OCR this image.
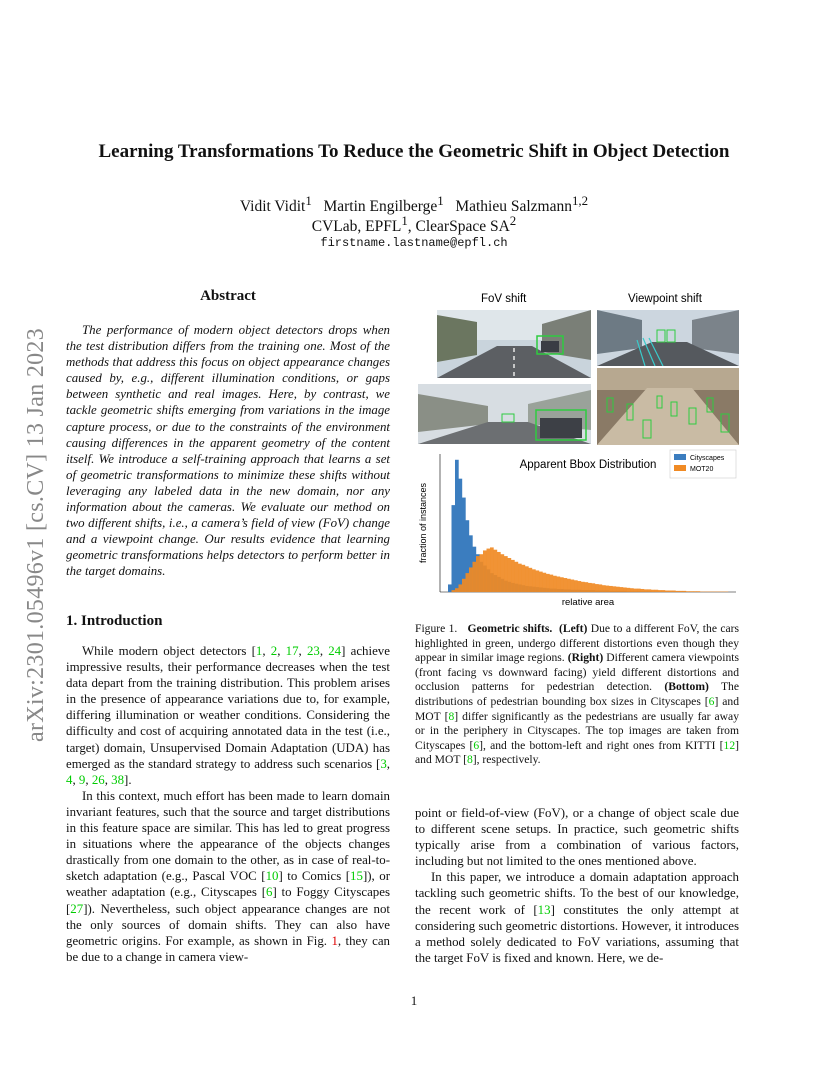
arXiv:2301.05496v1 [cs.CV] 13 Jan 2023
Learning Transformations To Reduce the Geometric Shift in Object Detection
Vidit Vidit$^1$ Martin Engilberge$^1$ Mathieu Salzmann$^{1,2}$
CVLab, EPFL$^1$, ClearSpace $SA^2$
firstname.lastname@epfl.ch
Abstract

The performance of modern object detectors drops when the test distribution differs from the training one. Most of the methods that address this focus on object appearance changes caused by, e.g., different illumination conditions, or gaps between synthetic and real images. Here, by contrast, we tackle geometric shifts emerging from variations in the image capture process, or due to the constraints of the environment causing differences in the apparent geometry of the content itself. We introduce a self-training approach that learns a set of geometric transformations to minimize these shifts without leveraging any labeled data in the new domain, nor any information about the cameras. We evaluate our method on two different shifts, i.e., a camera’s field of view (FoV) change and a viewpoint change. Our results evidence that learning geometric transformations helps detectors to perform better in the target domains.

1. Introduction

While modern object detectors [1, 2, 17, 23, 24] achieve impressive results, their performance decreases when the test data depart from the training distribution. This problem arises in the presence of appearance variations due to, for example, differing illumination or weather conditions. Considering the difficulty and cost of acquiring annotated data in the test (i.e., target) domain, Unsupervised Domain Adaptation (UDA) has emerged as the standard strategy to address such scenarios [3, 4, 9, 26, 38].

In this context, much effort has been made to learn domain invariant features, such that the source and target distributions in this feature space are similar. This has led to great progress in situations where the appearance of the objects changes drastically from one domain to the other, as in case of real-to-sketch adaptation (e.g., Pascal VOC [10] to Comics [15]), or weather adaptation (e.g., Cityscapes [6] to Foggy Cityscapes [27]). Nevertheless, such object appearance changes are not the only sources of domain shifts. They can also have geometric origins. For example, as shown in Fig. 1, they can be due to a change in camera view-

point or field-of-view (FoV), or a change of object scale due to different scene setups. In practice, such geometric shifts typically arise from a combination of various factors, including but not limited to the ones mentioned above.

In this paper, we introduce a domain adaptation approach tackling such geometric shifts. To the best of our knowledge, the recent work of [13] constitutes the only attempt at considering such geometric distortions. However, it introduces a method solely dedicated to FoV variations, assuming that the target FoV is fixed and known. Here, we de-

FoV shift	Viewpoint shift
Apparent Bbox Distribution
relative area
fraction of instances
Cityscapes
MOT20
Figure 1. Geometric shifts. (Left) Due to a different FoV, the cars highlighted in green, undergo different distortions even though they appear in similar image regions. (Right) Different camera viewpoints (front facing vs downward facing) yield different distortions and occlusion patterns for pedestrian detection. (Bottom) The distributions of pedestrian bounding box sizes in Cityscapes [6] and MOT [8] differ significantly as the pedestrians are usually far away or in the periphery in Cityscapes. The top images are taken from Cityscapes [6], and the bottom-left and right ones from KITTI [12] and MOT [8], respectively.
1
